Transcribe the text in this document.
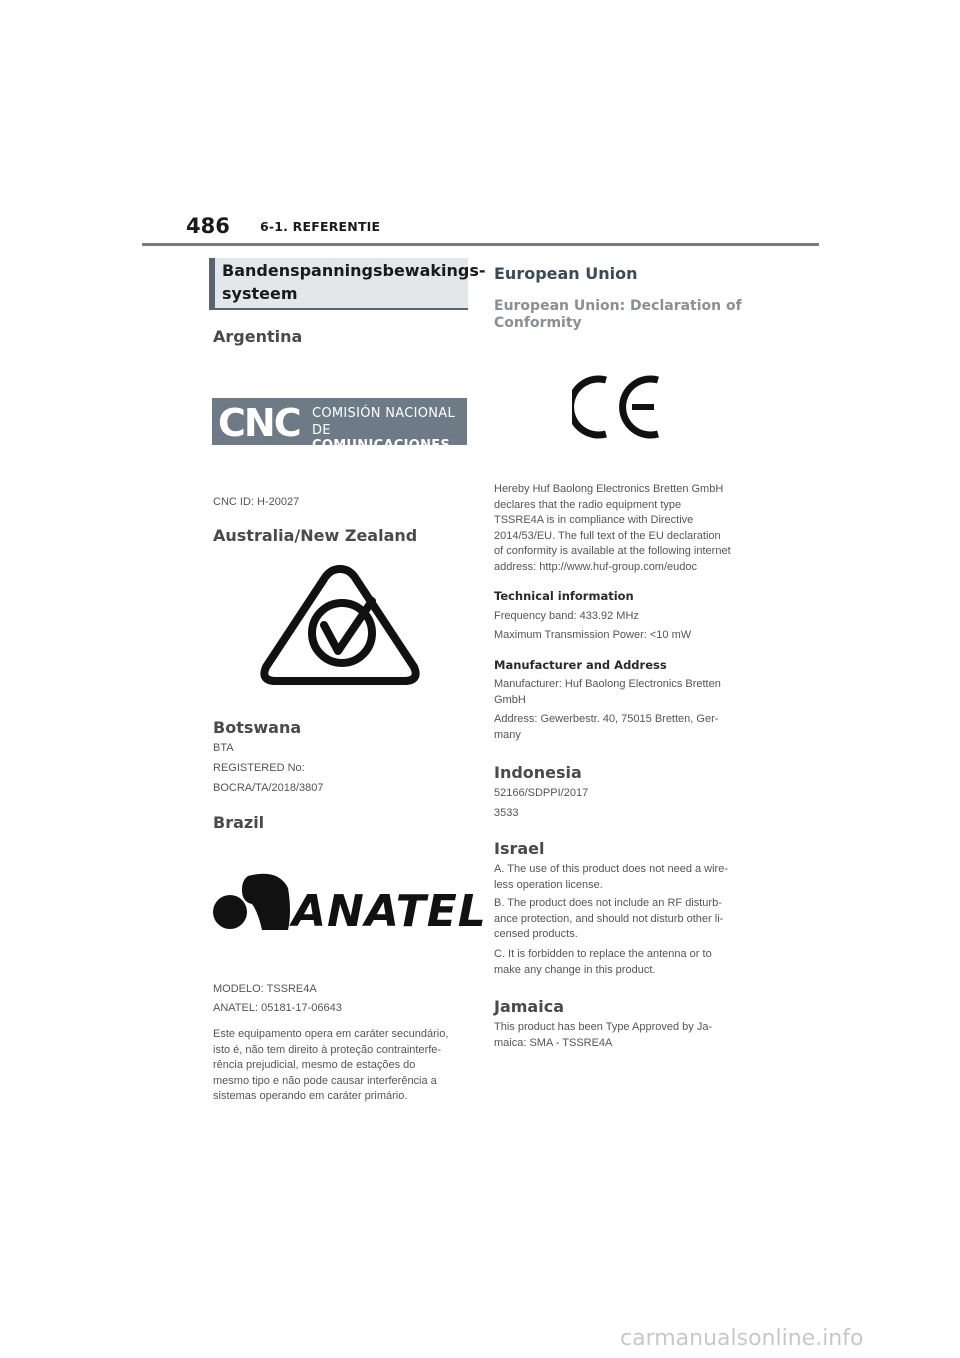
486 6-1. REFERENTIE
Bandenspanningsbewakings-
systeem
Argentina
CNC COMISIÓN NACIONAL
DE COMUNICACIONES
CNC ID: H-20027
Australia/New Zealand
Botswana
BTA
REGISTERED No:
BOCRA/TA/2018/3807
Brazil
ANATEL
MODELO: TSSRE4A
ANATEL: 05181-17-06643
Este equipamento opera em caráter secundário,
isto é, não tem direito à proteção contrainterfe-
rência prejudicial, mesmo de estações do
mesmo tipo e não pode causar interferência a
sistemas operando em caráter primário.
European Union
European Union: Declaration of
Conformity
Hereby Huf Baolong Electronics Bretten GmbH
declares that the radio equipment type
TSSRE4A is in compliance with Directive
2014/53/EU. The full text of the EU declaration
of conformity is available at the following internet
address: http://www.huf-group.com/eudoc
Technical information
Frequency band: 433.92 MHz
Maximum Transmission Power: <10 mW
Manufacturer and Address
Manufacturer: Huf Baolong Electronics Bretten
GmbH
Address: Gewerbestr. 40, 75015 Bretten, Ger-
many
Indonesia
52166/SDPPI/2017
3533
Israel
A. The use of this product does not need a wire-
less operation license.
B. The product does not include an RF disturb-
ance protection, and should not disturb other li-
censed products.
C. It is forbidden to replace the antenna or to
make any change in this product.
Jamaica
This product has been Type Approved by Ja-
maica: SMA - TSSRE4A
carmanualsonline.info
